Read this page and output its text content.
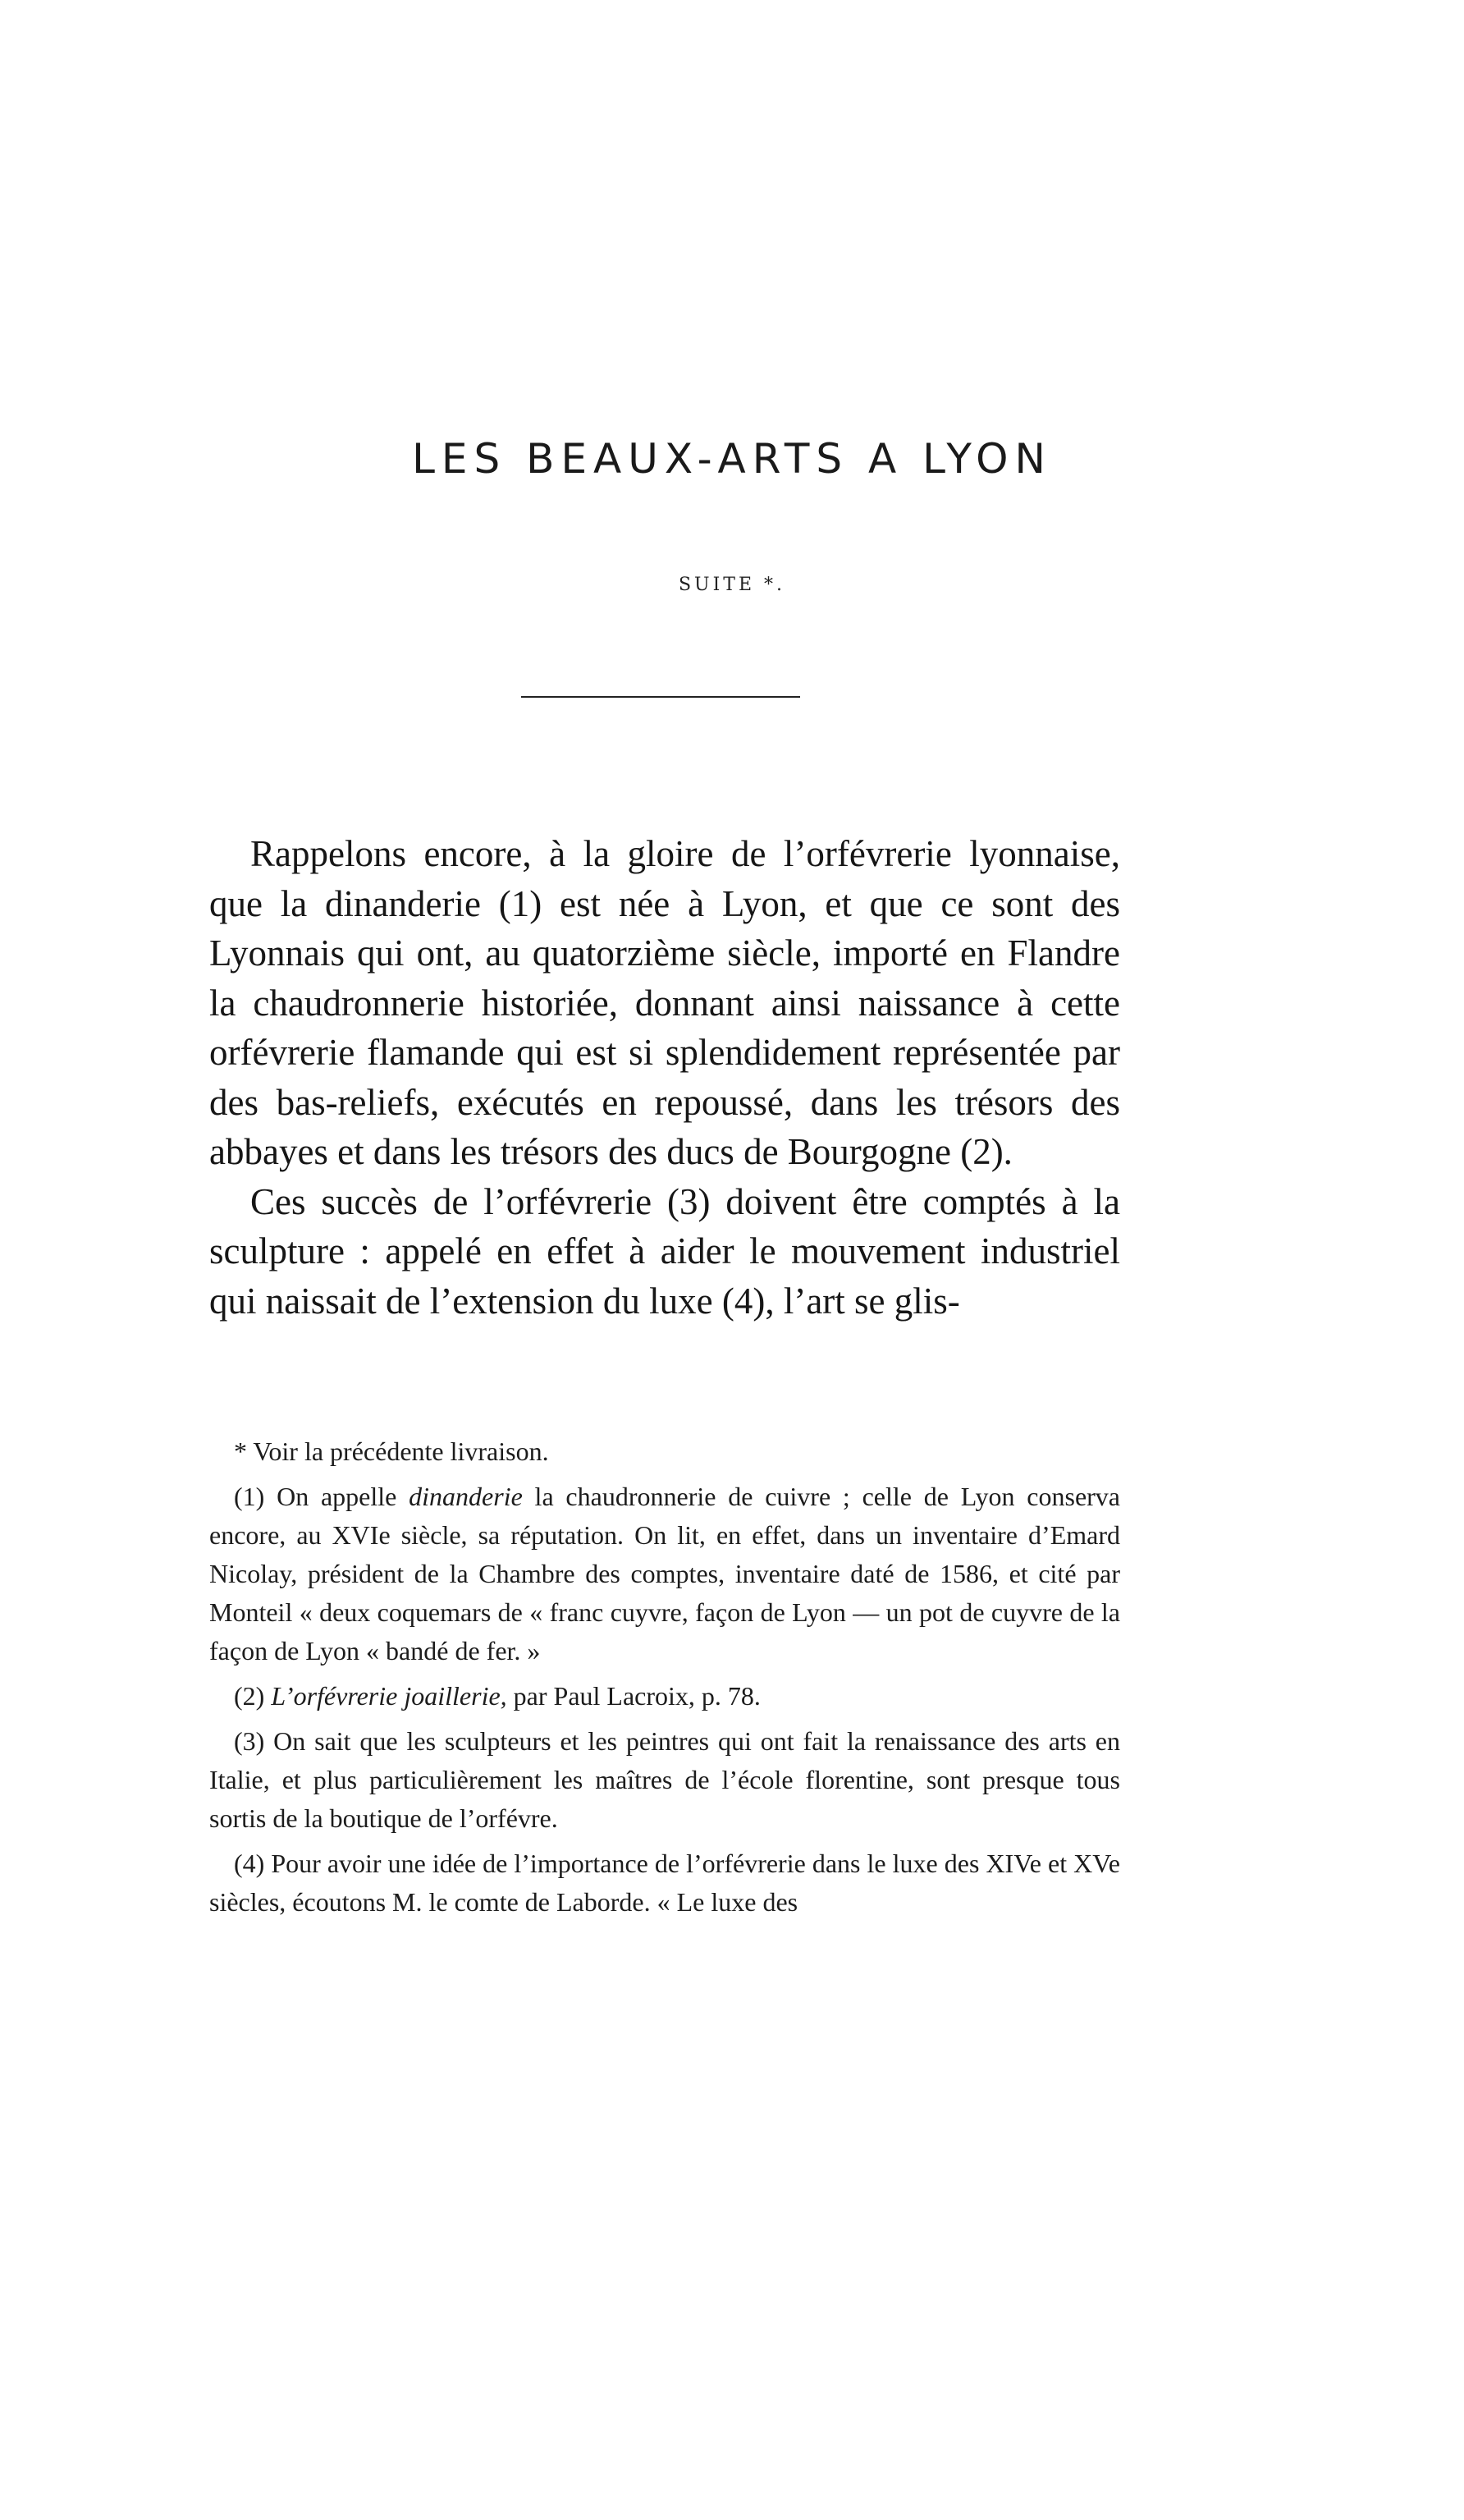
LES BEAUX-ARTS A LYON
SUITE *.

Rappelons encore, à la gloire de l’orfévrerie lyonnaise, que la dinanderie (1) est née à Lyon, et que ce sont des Lyonnais qui ont, au quatorzième siècle, importé en Flandre la chaudronnerie historiée, donnant ainsi naissance à cette orfévrerie flamande qui est si splendidement représentée par des bas-reliefs, exécutés en repoussé, dans les trésors des abbayes et dans les trésors des ducs de Bourgogne (2).

Ces succès de l’orfévrerie (3) doivent être comptés à la sculpture : appelé en effet à aider le mouvement industriel qui naissait de l’extension du luxe (4), l’art se glis-

* Voir la précédente livraison.

(1) On appelle dinanderie la chaudronnerie de cuivre ; celle de Lyon conserva encore, au XVIe siècle, sa réputation. On lit, en effet, dans un inventaire d’Emard Nicolay, président de la Chambre des comptes, inventaire daté de 1586, et cité par Monteil « deux coquemars de « franc cuyvre, façon de Lyon — un pot de cuyvre de la façon de Lyon « bandé de fer. »

(2) L’orfévrerie joaillerie, par Paul Lacroix, p. 78.

(3) On sait que les sculpteurs et les peintres qui ont fait la renaissance des arts en Italie, et plus particulièrement les maîtres de l’école florentine, sont presque tous sortis de la boutique de l’orfévre.

(4) Pour avoir une idée de l’importance de l’orfévrerie dans le luxe des XIVe et XVe siècles, écoutons M. le comte de Laborde. « Le luxe des
